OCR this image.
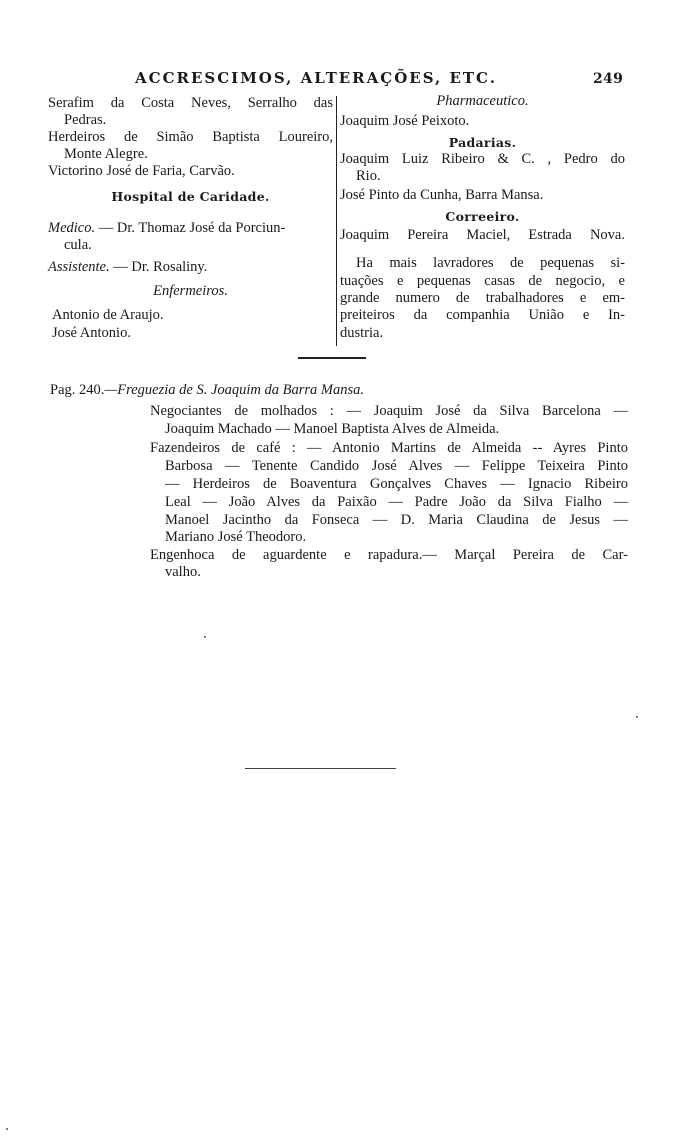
ACCRESCIMOS, ALTERAÇÕES, ETC.	249
Serafim da Costa Neves, Serralho das
Pedras.
Herdeiros de Simão Baptista Loureiro,
Monte Alegre.
Victorino José de Faria, Carvão.
Hospital de Caridade.
Medico. — Dr. Thomaz José da Porciun-
cula.
Assistente. — Dr. Rosaliny.
Enfermeiros.
Antonio de Araujo.
José Antonio.
Pharmaceutico.
Joaquim José Peixoto.
Padarias.
Joaquim Luiz Ribeiro & C. , Pedro do
Rio.
José Pinto da Cunha, Barra Mansa.
Correeiro.
Joaquim Pereira Maciel, Estrada Nova.
Ha mais lavradores de pequenas si-
tuações e pequenas casas de negocio, e
grande numero de trabalhadores e em-
preiteiros da companhia União e In-
dustria.
Pag. 240.—Freguezia de S. Joaquim da Barra Mansa.
Negociantes de molhados : — Joaquim José da Silva Barcelona —
Joaquim Machado — Manoel Baptista Alves de Almeida.
Fazendeiros de café : — Antonio Martins de Almeida -- Ayres Pinto
Barbosa — Tenente Candido José Alves — Felippe Teixeira Pinto
— Herdeiros de Boaventura Gonçalves Chaves — Ignacio Ribeiro
Leal — João Alves da Paixão — Padre João da Silva Fialho —
Manoel Jacintho da Fonseca — D. Maria Claudina de Jesus —
Mariano José Theodoro.
Engenhoca de aguardente e rapadura.— Marçal Pereira de Car-
valho.
